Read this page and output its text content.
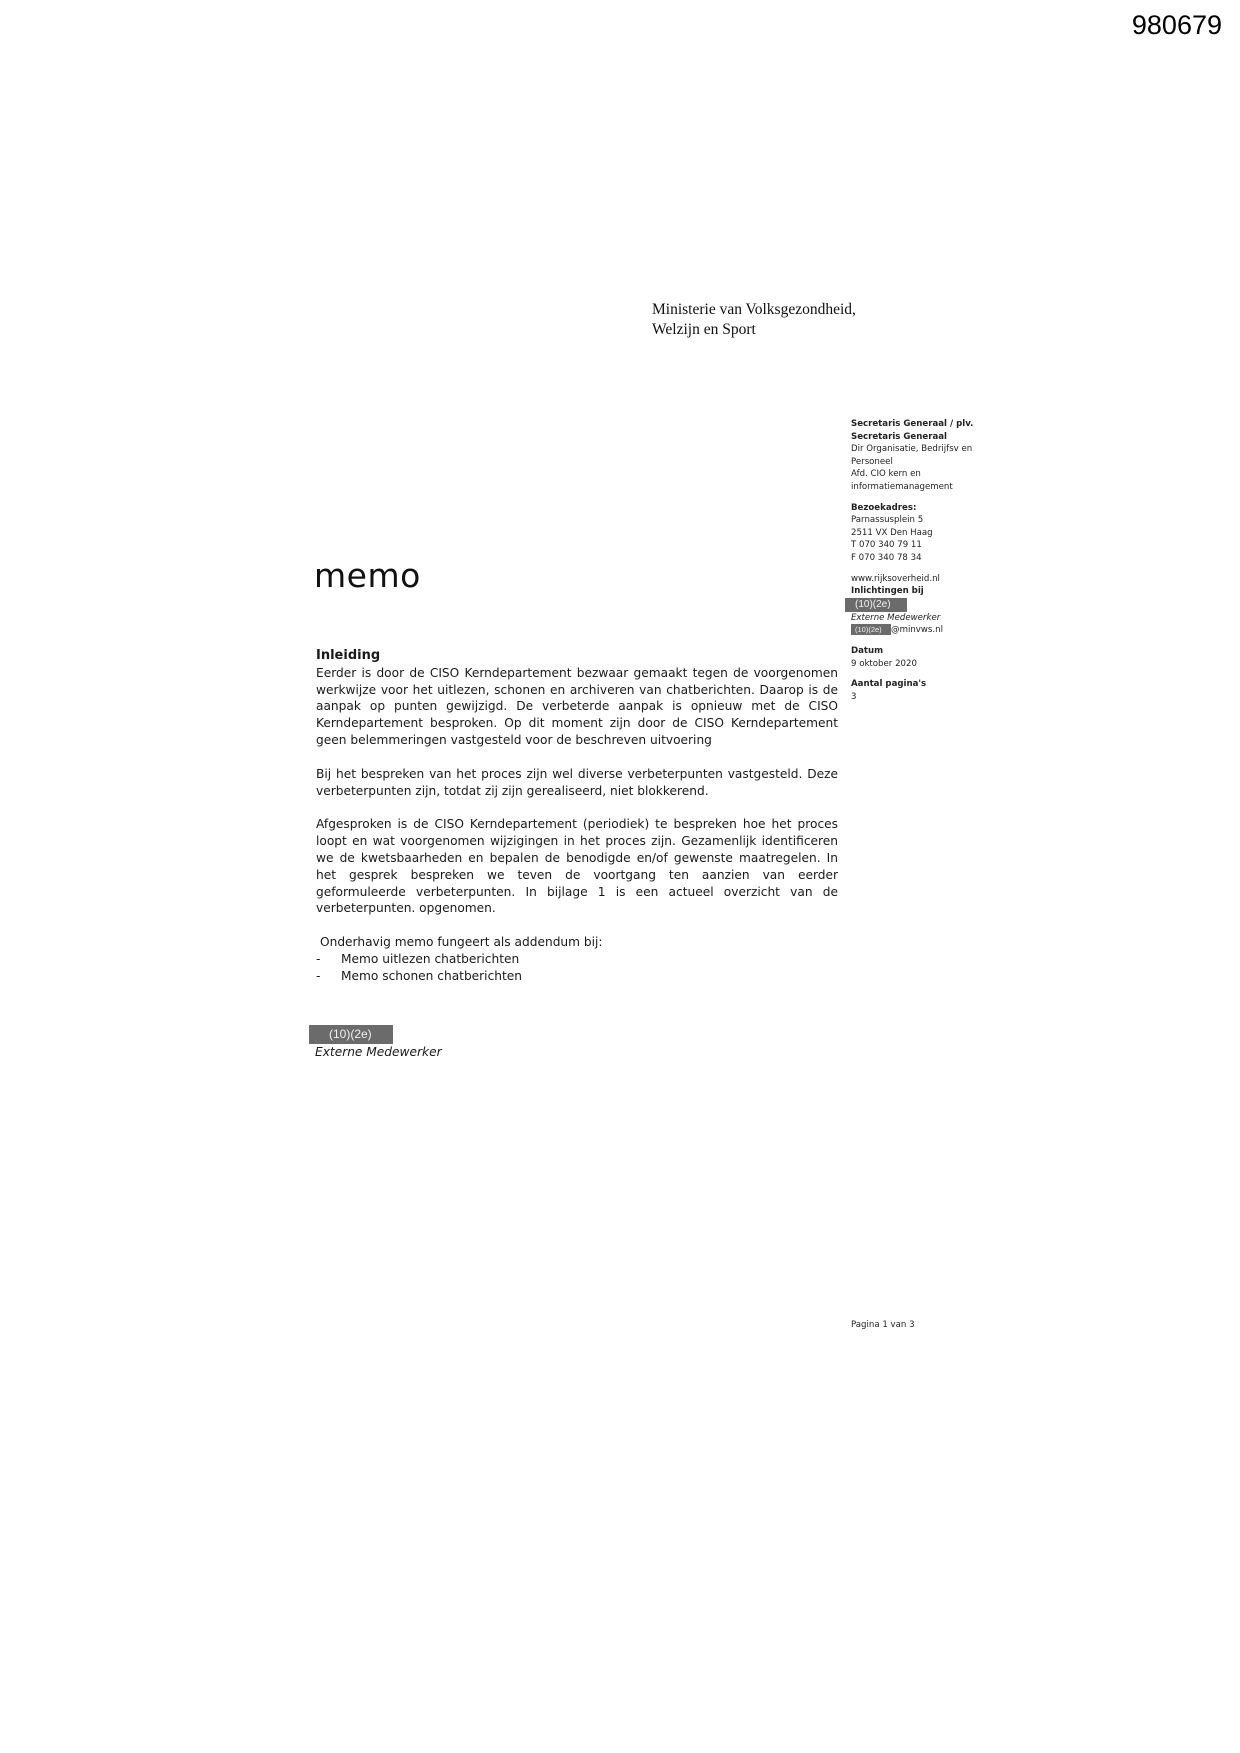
980679
Ministerie van Volksgezondheid,
Welzijn en Sport
Secretaris Generaal / plv.
Secretaris Generaal
Dir Organisatie, Bedrijfsv en
Personeel
Afd. CIO kern en
informatiemanagement
Bezoekadres:
Parnassusplein 5
2511 VX Den Haag
T 070 340 79 11
F 070 340 78 34
www.rijksoverheid.nl
Inlichtingen bij
(10)(2e)
Externe Medewerker
(10)(2e) @minvws.nl
Datum
9 oktober 2020
Aantal pagina's
3
memo
Inleiding

Eerder is door de CISO Kerndepartement bezwaar gemaakt tegen de voorgenomen werkwijze voor het uitlezen, schonen en archiveren van chatberichten. Daarop is de aanpak op punten gewijzigd. De verbeterde aanpak is opnieuw met de CISO Kerndepartement besproken. Op dit moment zijn door de CISO Kerndepartement geen belemmeringen vastgesteld voor de beschreven uitvoering

Bij het bespreken van het proces zijn wel diverse verbeterpunten vastgesteld. Deze verbeterpunten zijn, totdat zij zijn gerealiseerd, niet blokkerend.

Afgesproken is de CISO Kerndepartement (periodiek) te bespreken hoe het proces loopt en wat voorgenomen wijzigingen in het proces zijn. Gezamenlijk identificeren we de kwetsbaarheden en bepalen de benodigde en/of gewenste maatregelen. In het gesprek bespreken we teven de voortgang ten aanzien van eerder geformuleerde verbeterpunten. In bijlage 1 is een actueel overzicht van de verbeterpunten. opgenomen.

Onderhavig memo fungeert als addendum bij:
-	Memo uitlezen chatberichten
-	Memo schonen chatberichten
(10)(2e)
Externe Medewerker
Pagina 1 van 3
